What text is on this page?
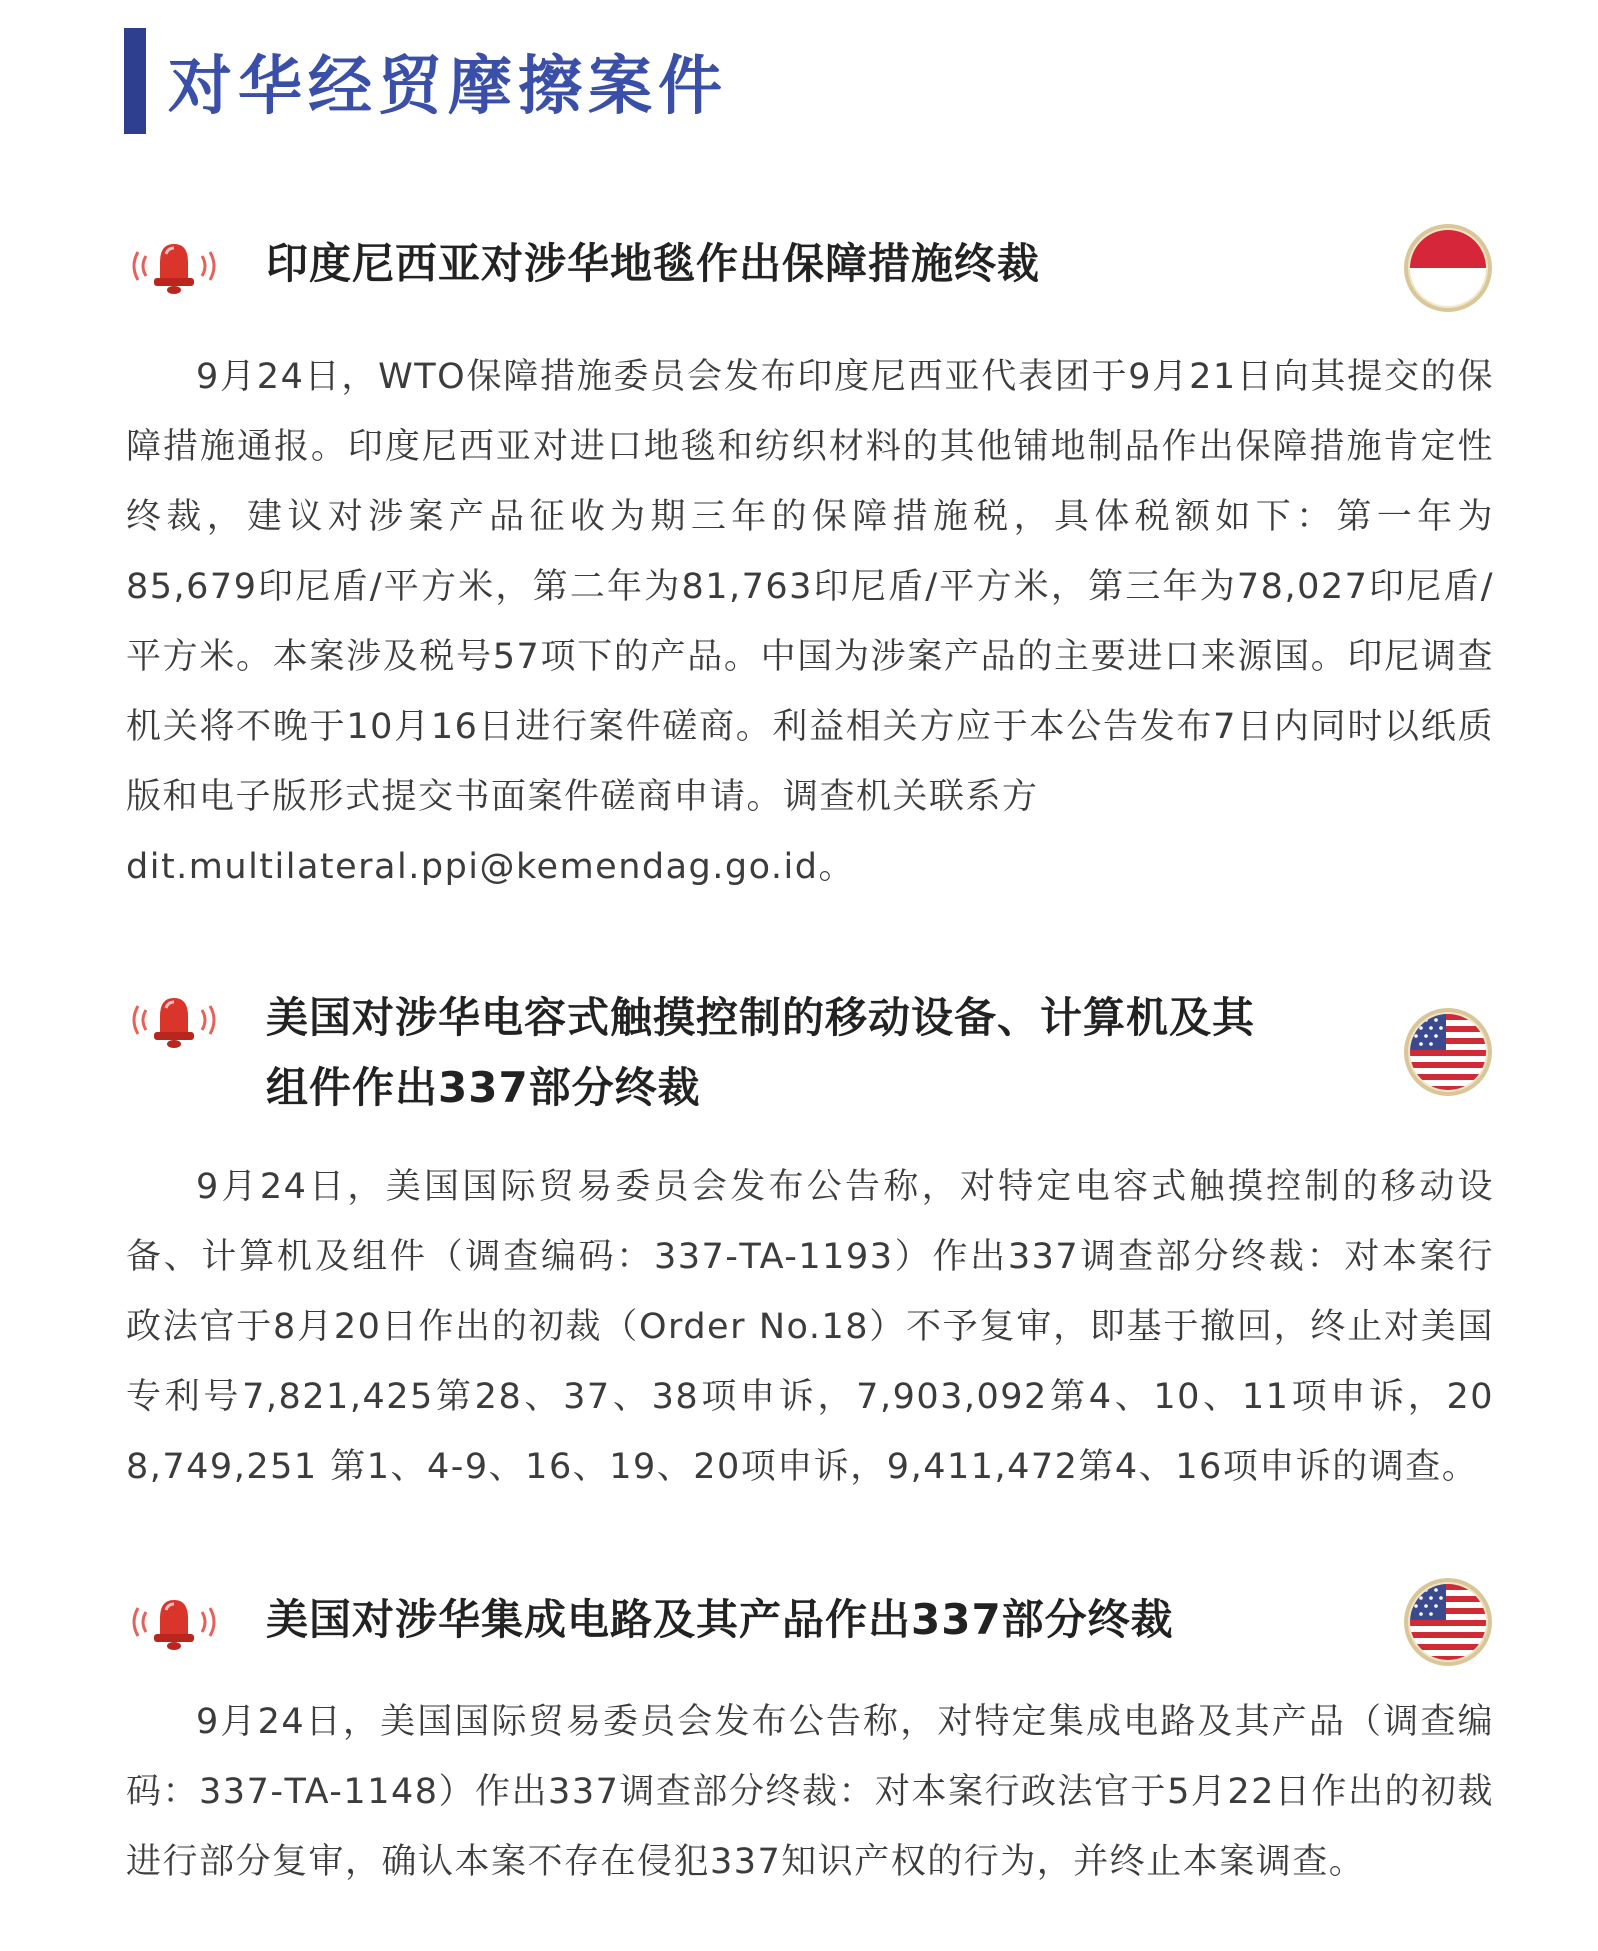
对华经贸摩擦案件
印度尼西亚对涉华地毯作出保障措施终裁
9月24日，WTO保障措施委员会发布印度尼西亚代表团于9月21日向其提交的保障措施通报。印度尼西亚对进口地毯和纺织材料的其他铺地制品作出保障措施肯定性终裁，建议对涉案产品征收为期三年的保障措施税，具体税额如下：第一年为85,679印尼盾/平方米，第二年为81,763印尼盾/平方米，第三年为78,027印尼盾/平方米。本案涉及税号57项下的产品。中国为涉案产品的主要进口来源国。印尼调查机关将不晚于10月16日进行案件磋商。利益相关方应于本公告发布7日内同时以纸质版和电子版形式提交书面案件磋商申请。调查机关联系方
dit.multilateral.ppi@kemendag.go.id。
美国对涉华电容式触摸控制的移动设备、计算机及其
组件作出337部分终裁
9月24日，美国国际贸易委员会发布公告称，对特定电容式触摸控制的移动设备、计算机及组件（调查编码：337-TA-1193）作出337调查部分终裁：对本案行政法官于8月20日作出的初裁（Order No.18）不予复审，即基于撤回，终止对美国专利号7,821,425第28、37、38项申诉，7,903,092第4、10、11项申诉，20 8,749,251 第1、4-9、16、19、20项申诉，9,411,472第4、16项申诉的调查。
美国对涉华集成电路及其产品作出337部分终裁
9月24日，美国国际贸易委员会发布公告称，对特定集成电路及其产品（调查编码：337-TA-1148）作出337调查部分终裁：对本案行政法官于5月22日作出的初裁进行部分复审，确认本案不存在侵犯337知识产权的行为，并终止本案调查。
